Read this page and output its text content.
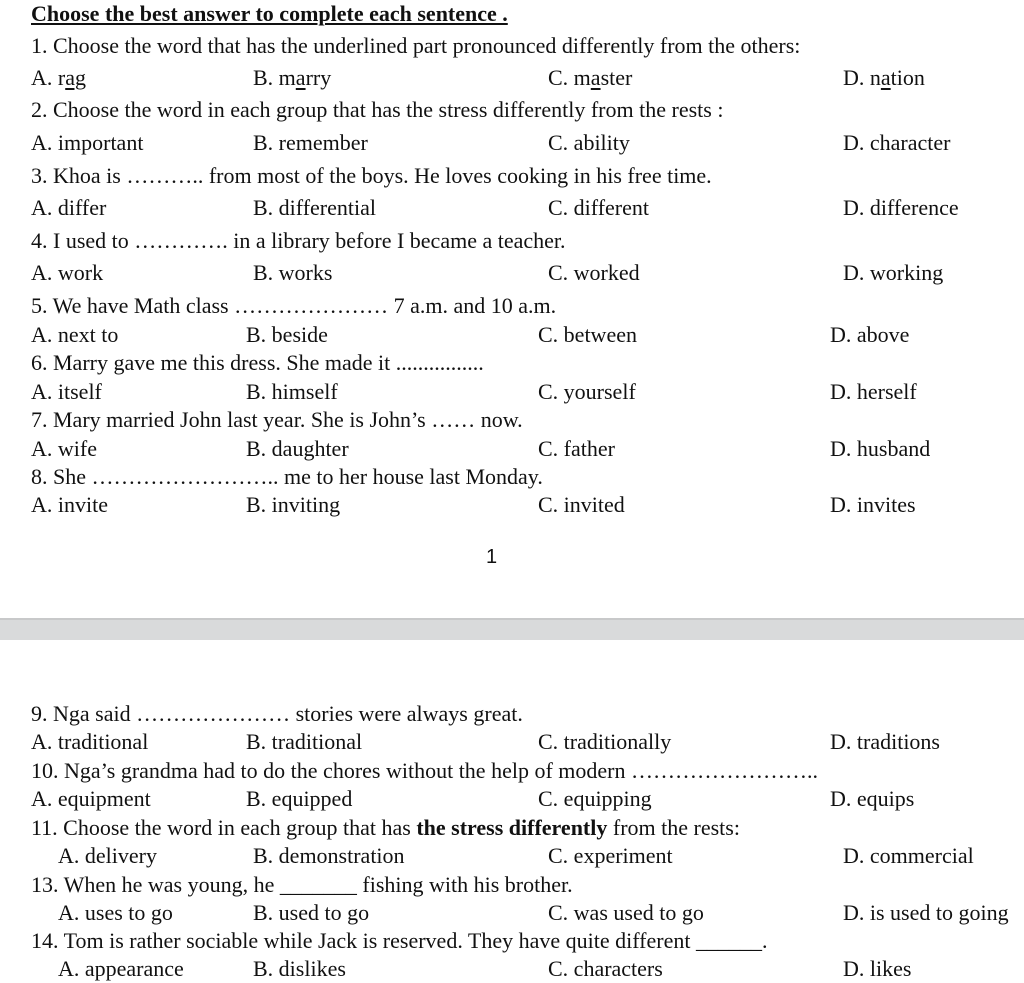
Choose the best answer to complete each sentence .
1. Choose the word that has the underlined part pronounced differently from the others:
A. rag	B. marry	C. master	D. nation
2. Choose the word in each group that has the stress differently from the rests :
A. important	B. remember	C. ability	D. character
3. Khoa is ……….. from most of the boys. He loves cooking in his free time.
A. differ	B. differential	C. different	D. difference
4. I used to …………. in a library before I became a teacher.
A. work	B. works	C. worked	D. working
5. We have Math class ………………… 7 a.m. and 10 a.m.
A. next to	B. beside	C. between	D. above
6. Marry gave me this dress. She made it ................
A. itself	B. himself	C. yourself	D. herself
7. Mary married John last year. She is John’s …… now.
A. wife	B. daughter	C. father	D. husband
8. She …………………….. me to her house last Monday.
A. invite	B. inviting	C. invited	D. invites
1
9. Nga said ………………… stories were always great.
A. traditional	B. traditional	C. traditionally	D. traditions
10. Nga’s grandma had to do the chores without the help of modern ……………………..
A. equipment	B. equipped	C. equipping	D. equips
11. Choose the word in each group that has the stress differently from the rests:
A. delivery	B. demonstration	C. experiment	D. commercial
13. When he was young, he _______ fishing with his brother.
A. uses to go	B. used to go	C. was used to go	D. is used to going
14. Tom is rather sociable while Jack is reserved. They have quite different ______.
A. appearance	B. dislikes	C. characters	D. likes
